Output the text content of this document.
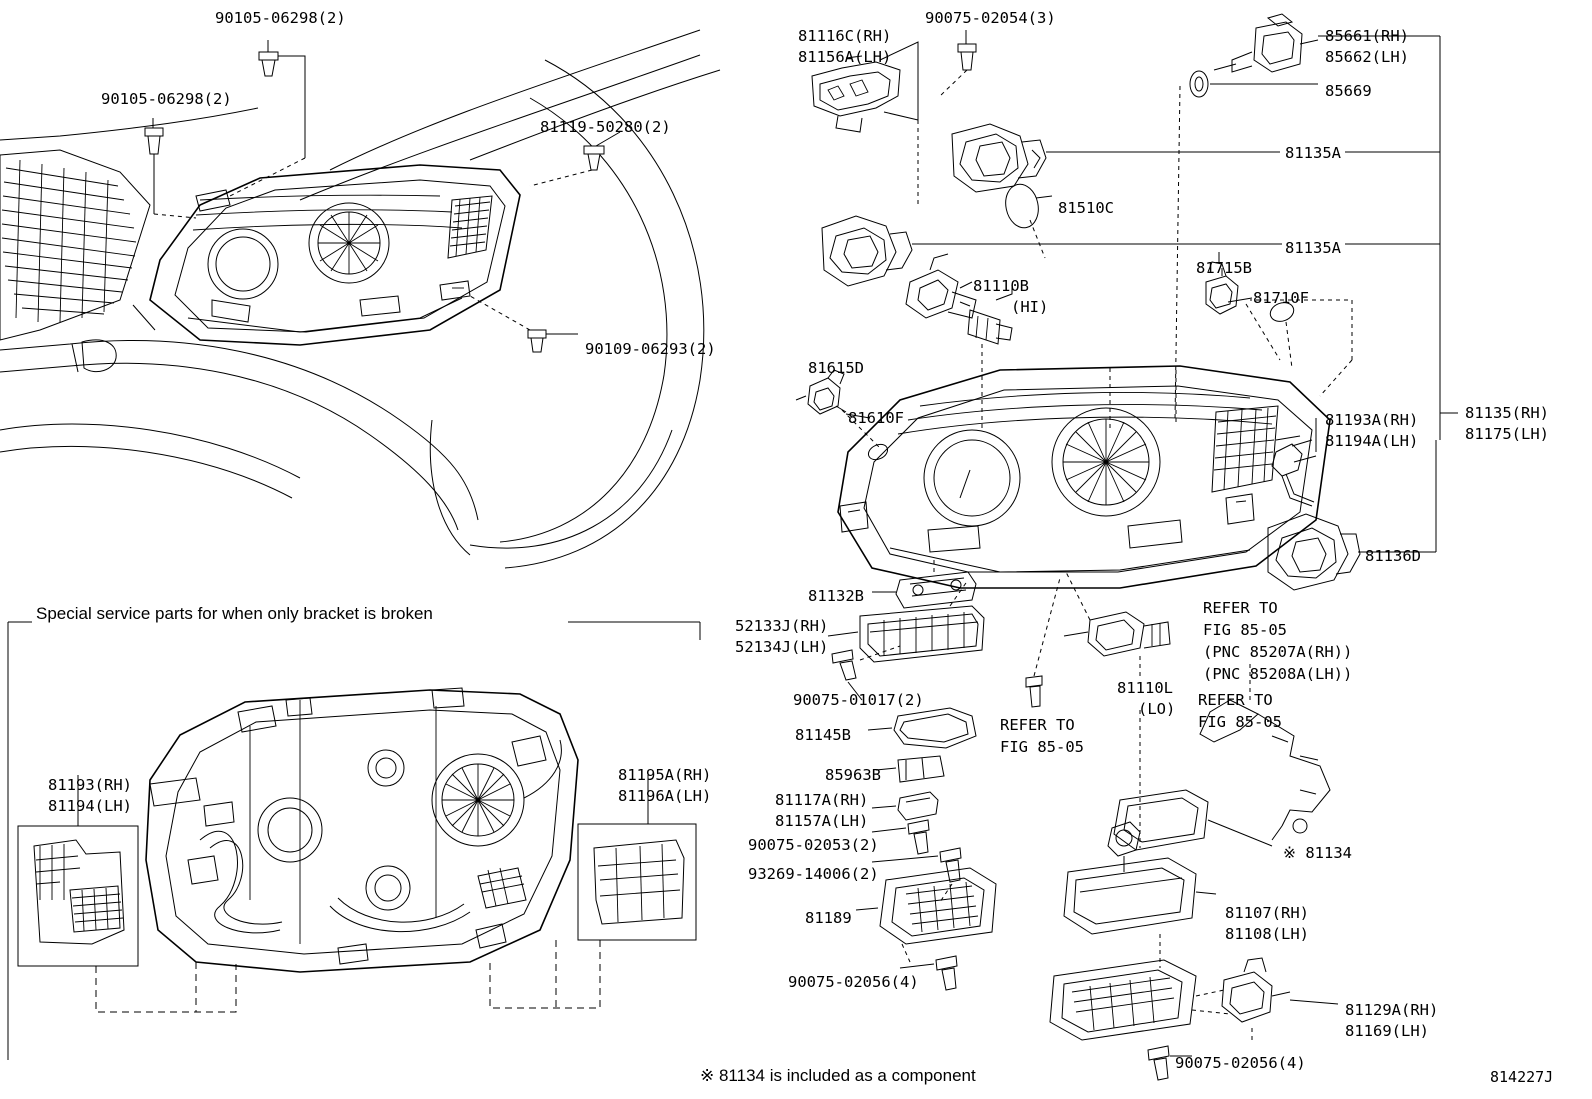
90105-06298(2)
90105-06298(2)
81119-50280(2)
90109-06293(2)
81116C(RH)
81156A(LH)
90075-02054(3)
85661(RH)
85662(LH)
85669
81135A
81510C
81135A
81715B
81710F
81110B
(HI)
81615D
81610F	81135(RH)
81175(LH)
81193A(RH)
81194A(LH)
81136D
81132B
52133J(RH)
52134J(LH)
90075-01017(2)
81145B
85963B
81117A(RH)
81157A(LH)
90075-02053(2)
93269-14006(2)
81189
90075-02056(4)
81110L
(LO)
※ 81134
81107(RH)
81108(LH)
81129A(RH)
81169(LH)
90075-02056(4)
81193(RH)
81194(LH)
81195A(RH)
81196A(LH)
Special service parts for when only bracket is broken
※ 81134 is included as a component	814227J
REFER TO
FIG 85-05
(PNC 85207A(RH))
(PNC 85208A(LH))
REFER TO
FIG 85-05
REFER TO
FIG 85-05
